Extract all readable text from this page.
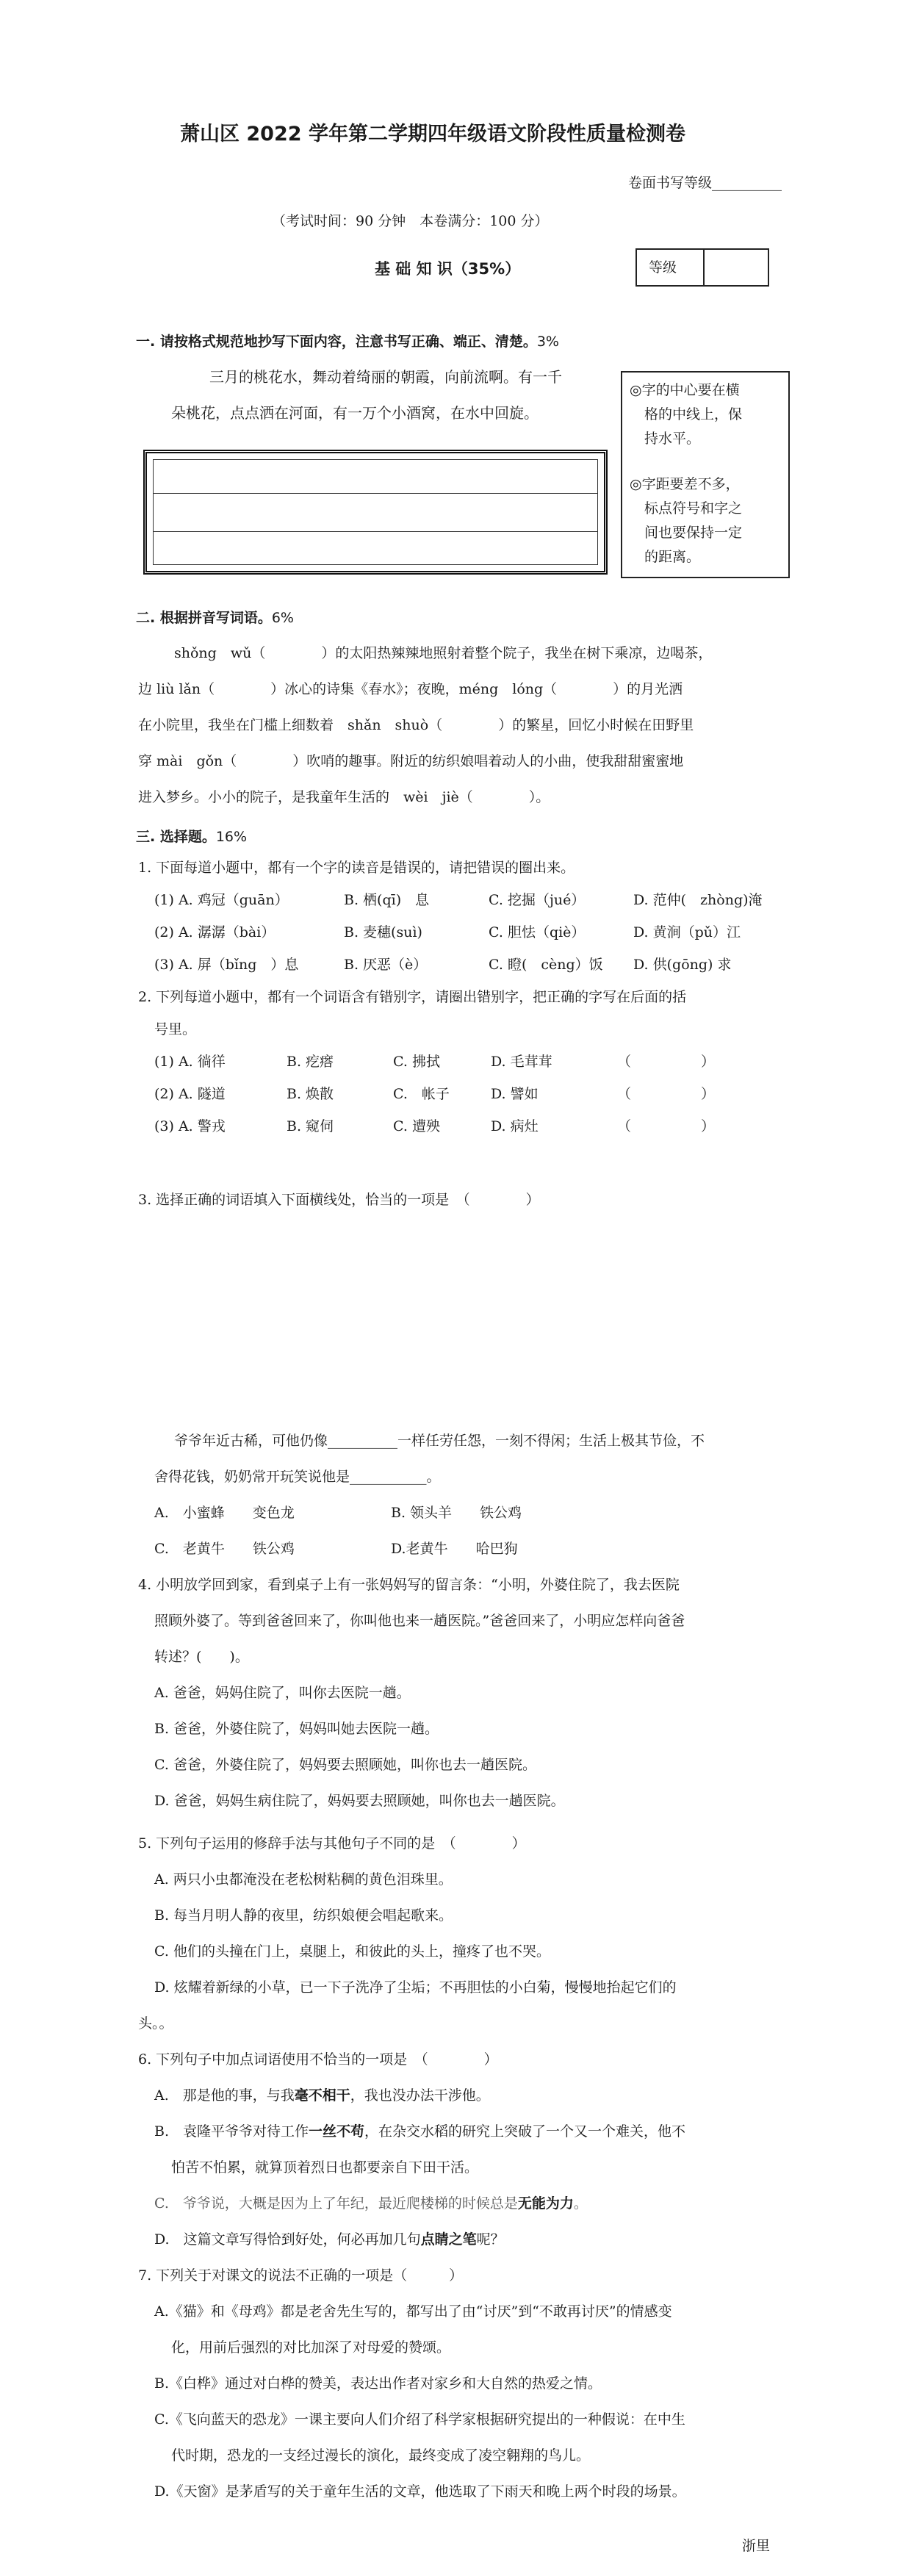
萧山区 2022 学年第二学期四年级语文阶段性质量检测卷
卷面书写等级__________
（考试时间：90 分钟　本卷满分：100 分）
基 础 知 识（35%）	等级
一. 请按格式规范地抄写下面内容，注意书写正确、端正、清楚。3%
三月的桃花水，舞动着绮丽的朝霞，向前流啊。有一千
朵桃花，点点洒在河面，有一万个小酒窝，在水中回旋。
◎字的中心要在横
格的中线上，保
持水平。
◎字距要差不多，
标点符号和字之
间也要保持一定
的距离。
二. 根据拼音写词语。6%
shǒng　wǔ（　　　　）的太阳热辣辣地照射着整个院子，我坐在树下乘凉，边喝茶，
边 liù lǎn（　　　　）冰心的诗集《春水》；夜晚，méng　lóng（　　　　）的月光洒
在小院里，我坐在门槛上细数着　shǎn　shuò（　　　　）的繁星，回忆小时候在田野里
穿 mài　gǒn（　　　　）吹哨的趣事。附近的纺织娘唱着动人的小曲，使我甜甜蜜蜜地
进入梦乡。小小的院子，是我童年生活的　wèi　jiè（　　　　）。
三. 选择题。16%
1. 下面每道小题中，都有一个字的读音是错误的，请把错误的圈出来。
(1) A. 鸡冠（guān）	B. 栖(qī)　息	C. 挖掘（jué）	D. 范仲(　zhòng)淹
(2) A. 潺潺（bài）	B. 麦穗(suì)	C. 胆怯（qiè）	D. 黄涧（pǔ）江
(3) A. 屏（bǐng　）息	B. 厌恶（è）	C. 瞪(　cèng）饭 D. 供(gōng) 求
2. 下列每道小题中，都有一个词语含有错别字，请圈出错别字，把正确的字写在后面的括
号里。
(1) A. 徜徉	B. 疙瘩	C. 拂拭	D. 毛茸茸	（　　　　　）
(2) A. 隧道	B. 焕散	C.　帐子	D. 譬如	（　　　　　）
(3) A. 警戎	B. 窥伺	C. 遭殃	D. 病灶	（　　　　　）
3. 选择正确的词语填入下面横线处，恰当的一项是　（　　　　）
爷爷年近古稀，可他仍像__________一样任劳任怨，一刻不得闲；生活上极其节俭，不
舍得花钱，奶奶常开玩笑说他是___________。
A.　小蜜蜂　　变色龙	B. 领头羊　　铁公鸡
C.　老黄牛　　铁公鸡	D.老黄牛　　哈巴狗
4. 小明放学回到家，看到桌子上有一张妈妈写的留言条：“小明，外婆住院了，我去医院
照顾外婆了。等到爸爸回来了，你叫他也来一趟医院。”爸爸回来了，小明应怎样向爸爸
转述？(　　)。
A. 爸爸，妈妈住院了，叫你去医院一趟。
B. 爸爸，外婆住院了，妈妈叫她去医院一趟。
C. 爸爸，外婆住院了，妈妈要去照顾她，叫你也去一趟医院。
D. 爸爸，妈妈生病住院了，妈妈要去照顾她，叫你也去一趟医院。
5. 下列句子运用的修辞手法与其他句子不同的是　（　　　　）
A. 两只小虫都淹没在老松树粘稠的黄色泪珠里。
B. 每当月明人静的夜里，纺织娘便会唱起歌来。
C. 他们的头撞在门上，桌腿上，和彼此的头上，撞疼了也不哭。
D. 炫耀着新绿的小草，已一下子洗净了尘垢；不再胆怯的小白菊，慢慢地抬起它们的
头。。
6. 下列句子中加点词语使用不恰当的一项是　（　　　　）
A.　那是他的事，与我毫不相干，我也没办法干涉他。
B.　袁隆平爷爷对待工作一丝不苟，在杂交水稻的研究上突破了一个又一个难关，他不
怕苦不怕累，就算顶着烈日也都要亲自下田干活。
C.　爷爷说，大概是因为上了年纪，最近爬楼梯的时候总是无能为力。
D.　这篇文章写得恰到好处，何必再加几句点睛之笔呢？
7. 下列关于对课文的说法不正确的一项是（　　　）
A.《猫》和《母鸡》都是老舍先生写的，都写出了由“讨厌”到“不敢再讨厌”的情感变
化，用前后强烈的对比加深了对母爱的赞颂。
B.《白桦》通过对白桦的赞美，表达出作者对家乡和大自然的热爱之情。
C.《飞向蓝天的恐龙》一课主要向人们介绍了科学家根据研究提出的一种假说：在中生
代时期，恐龙的一支经过漫长的演化，最终变成了凌空翱翔的鸟儿。
D.《天窗》是茅盾写的关于童年生活的文章，他选取了下雨天和晚上两个时段的场景。
浙里
